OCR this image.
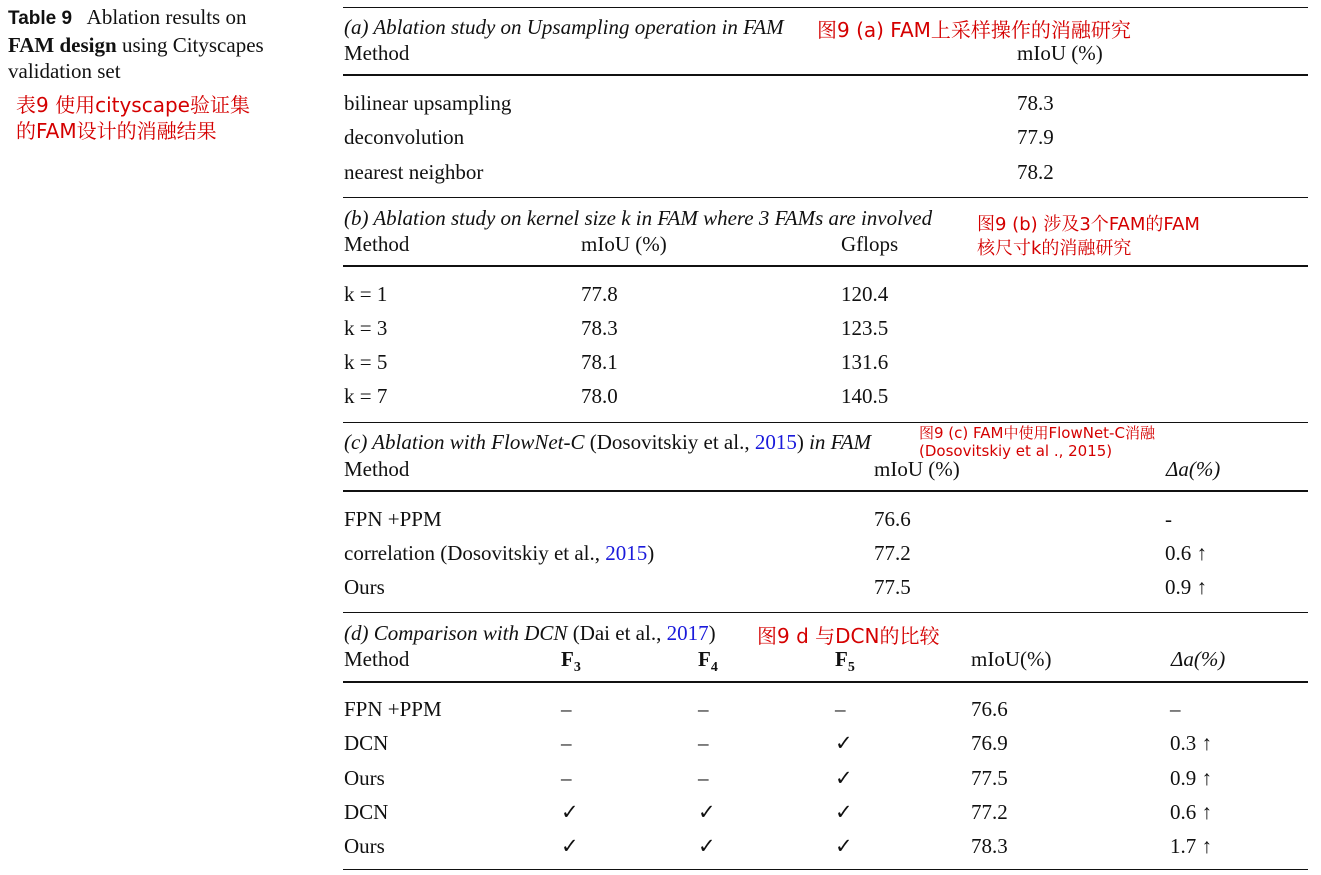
Table 9 Ablation results on
FAM design using Cityscapes
validation set
表9 使用cityscape验证集
的FAM设计的消融结果
图9 (a) FAM上采样操作的消融研究
图9 (b) 涉及3个FAM的FAM
核尺寸k的消融研究
图9 (c) FAM中使用FlowNet-C消融
(Dosovitskiy et al ., 2015)
图9 d 与DCN的比较
(a) Ablation study on Upsampling operation in FAM
Method	mIoU (%)
bilinear upsampling	78.3
deconvolution	77.9
nearest neighbor	78.2
(b) Ablation study on kernel size k in FAM where 3 FAMs are involved
Method	mIoU (%)	Gflops
k = 1	77.8	120.4
k = 3	78.3	123.5
k = 5	78.1	131.6
k = 7	78.0	140.5
(c) Ablation with FlowNet-C (Dosovitskiy et al., 2015) in FAM
Method	mIoU (%)	Δa(%)
FPN +PPM	76.6	-
correlation (Dosovitskiy et al., 2015)	77.2	0.6 ↑
Ours	77.5	0.9 ↑
(d) Comparison with DCN (Dai et al., 2017)
Method	$F_3$	$F_4$	$F_5$	mIoU(%)	Δa(%)
FPN +PPM	–	–	–	76.6	–
DCN	–	–	✓	76.9	0.3 ↑
Ours	–	–	✓	77.5	0.9 ↑
DCN	✓	✓	✓	77.2	0.6 ↑
Ours	✓	✓	✓	78.3	1.7 ↑
